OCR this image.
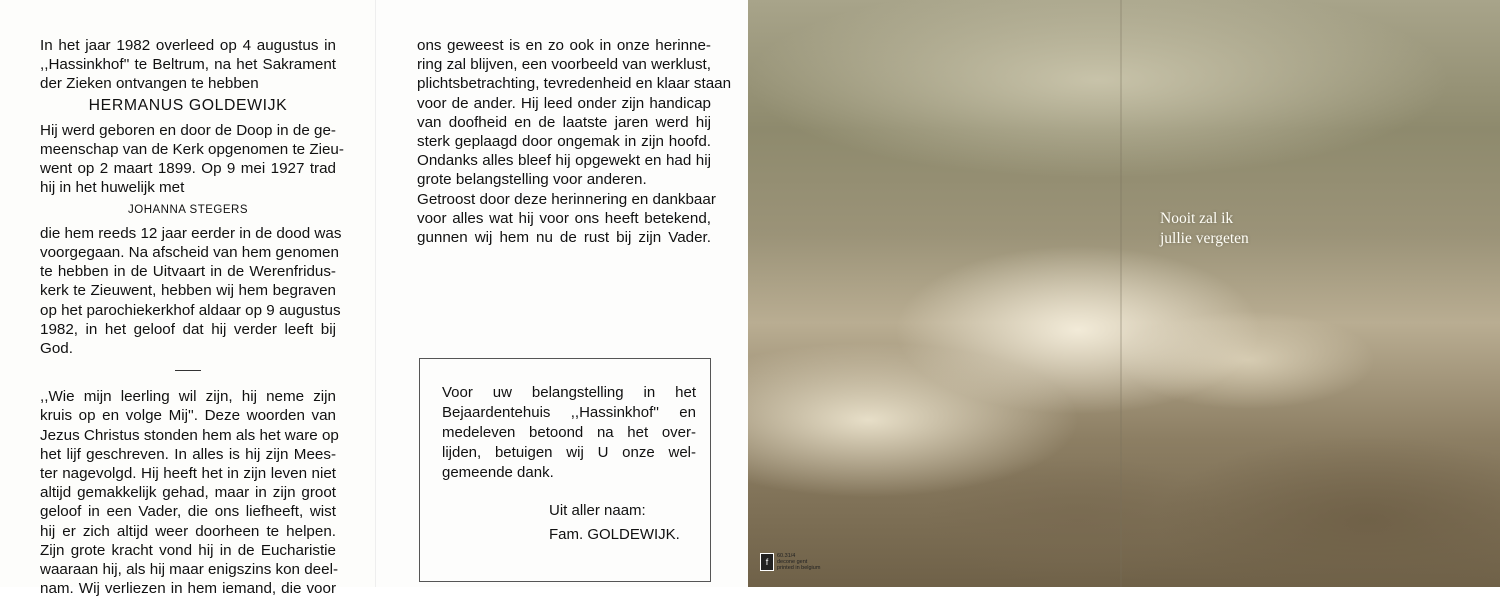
In het jaar 1982 overleed op 4 augustus in

,,Hassinkhof'' te Beltrum, na het Sakrament

der Zieken ontvangen te hebben

HERMANUS GOLDEWIJK

Hij werd geboren en door de Doop in de ge-

meenschap van de Kerk opgenomen te Zieu-

went op 2 maart 1899. Op 9 mei 1927 trad

hij in het huwelijk met

JOHANNA STEGERS

die hem reeds 12 jaar eerder in de dood was

voorgegaan. Na afscheid van hem genomen

te hebben in de Uitvaart in de Werenfridus-

kerk te Zieuwent, hebben wij hem begraven

op het parochiekerkhof aldaar op 9 augustus

1982, in het geloof dat hij verder leeft bij

God.

,,Wie mijn leerling wil zijn, hij neme zijn

kruis op en volge Mij''. Deze woorden van

Jezus Christus stonden hem als het ware op

het lijf geschreven. In alles is hij zijn Mees-

ter nagevolgd. Hij heeft het in zijn leven niet

altijd gemakkelijk gehad, maar in zijn groot

geloof in een Vader, die ons liefheeft, wist

hij er zich altijd weer doorheen te helpen.

Zijn grote kracht vond hij in de Eucharistie

waaraan hij, als hij maar enigszins kon deel-

nam. Wij verliezen in hem iemand, die voor

ons geweest is en zo ook in onze herinne-

ring zal blijven, een voorbeeld van werklust,

plichtsbetrachting, tevredenheid en klaar staan

voor de ander. Hij leed onder zijn handicap

van doofheid en de laatste jaren werd hij

sterk geplaagd door ongemak in zijn hoofd.

Ondanks alles bleef hij opgewekt en had hij

grote belangstelling voor anderen.

Getroost door deze herinnering en dankbaar

voor alles wat hij voor ons heeft betekend,

gunnen wij hem nu de rust bij zijn Vader.

Voor uw belangstelling in het

Bejaardentehuis ,,Hassinkhof'' en

medeleven betoond na het over-

lijden, betuigen wij U onze wel-

gemeende dank.

Uit aller naam:

Fam. GOLDEWIJK.

Nooit zal ik
jullie vergeten
f
60.31/4
decone gent
printed in belgium
